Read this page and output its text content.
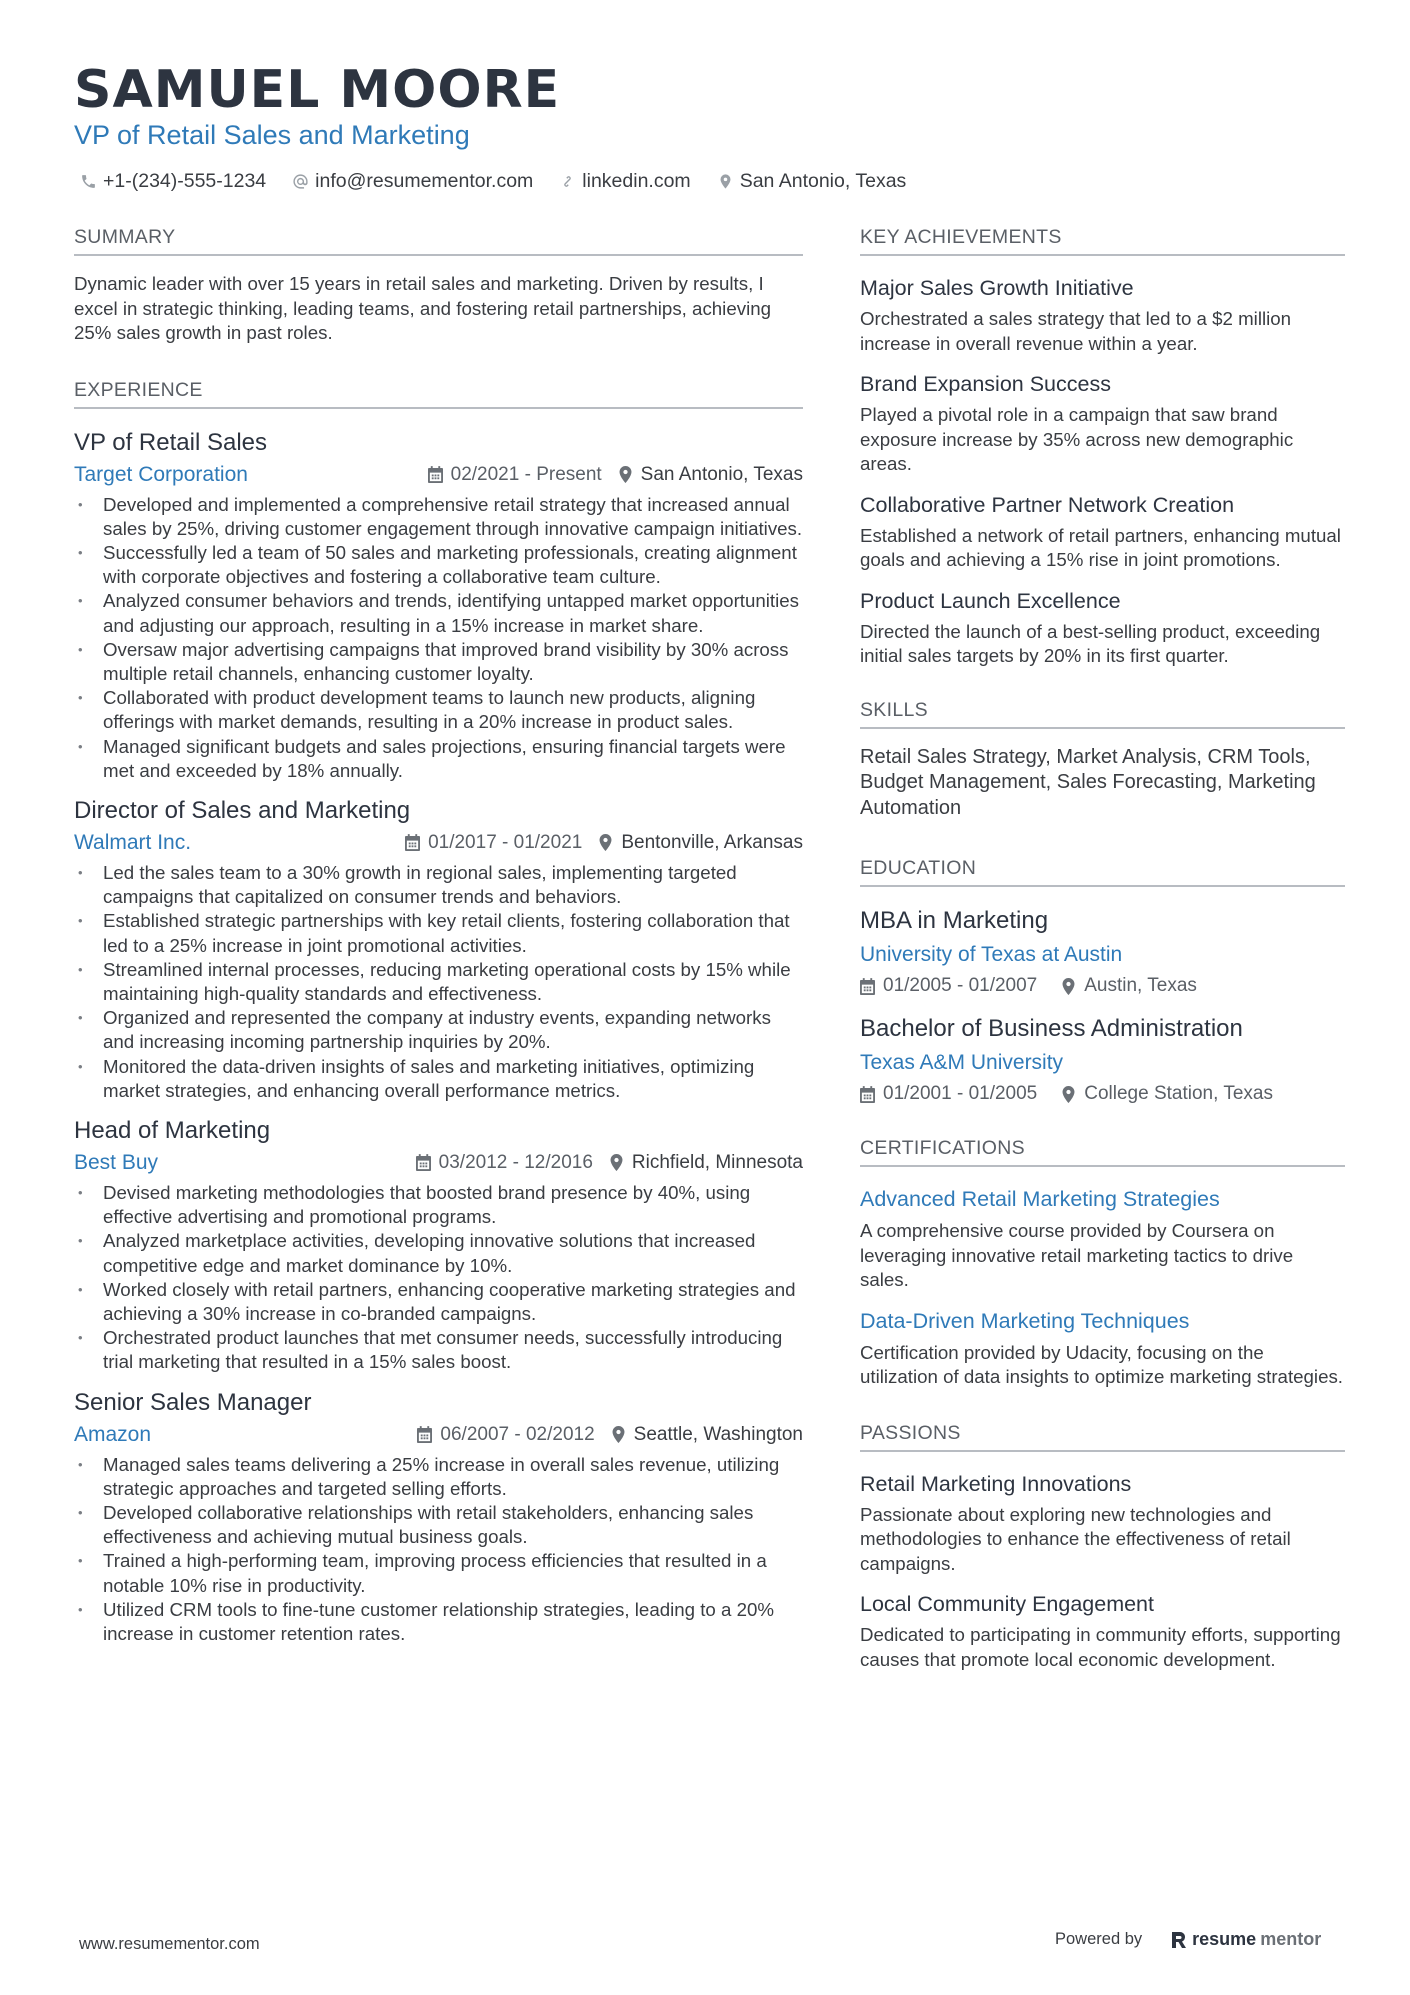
SAMUEL MOORE
VP of Retail Sales and Marketing
+1-(234)-555-1234	info@resumementor.com	linkedin.com	San Antonio, Texas
SUMMARY
Dynamic leader with over 15 years in retail sales and marketing. Driven by results, I excel in strategic thinking, leading teams, and fostering retail partnerships, achieving 25% sales growth in past roles.
EXPERIENCE
VP of Retail Sales
Target Corporation	02/2021 - Present San Antonio, Texas
• Developed and implemented a comprehensive retail strategy that increased annual sales by 25%, driving customer engagement through innovative campaign initiatives.
• Successfully led a team of 50 sales and marketing professionals, creating alignment with corporate objectives and fostering a collaborative team culture.
• Analyzed consumer behaviors and trends, identifying untapped market opportunities and adjusting our approach, resulting in a 15% increase in market share.
• Oversaw major advertising campaigns that improved brand visibility by 30% across multiple retail channels, enhancing customer loyalty.
• Collaborated with product development teams to launch new products, aligning offerings with market demands, resulting in a 20% increase in product sales.
• Managed significant budgets and sales projections, ensuring financial targets were met and exceeded by 18% annually.
Director of Sales and Marketing
Walmart Inc.	01/2017 - 01/2021 Bentonville, Arkansas
• Led the sales team to a 30% growth in regional sales, implementing targeted campaigns that capitalized on consumer trends and behaviors.
• Established strategic partnerships with key retail clients, fostering collaboration that led to a 25% increase in joint promotional activities.
• Streamlined internal processes, reducing marketing operational costs by 15% while maintaining high-quality standards and effectiveness.
• Organized and represented the company at industry events, expanding networks and increasing incoming partnership inquiries by 20%.
• Monitored the data-driven insights of sales and marketing initiatives, optimizing market strategies, and enhancing overall performance metrics.
Head of Marketing
Best Buy	03/2012 - 12/2016 Richfield, Minnesota
• Devised marketing methodologies that boosted brand presence by 40%, using effective advertising and promotional programs.
• Analyzed marketplace activities, developing innovative solutions that increased competitive edge and market dominance by 10%.
• Worked closely with retail partners, enhancing cooperative marketing strategies and achieving a 30% increase in co-branded campaigns.
• Orchestrated product launches that met consumer needs, successfully introducing trial marketing that resulted in a 15% sales boost.
Senior Sales Manager
Amazon	06/2007 - 02/2012 Seattle, Washington
• Managed sales teams delivering a 25% increase in overall sales revenue, utilizing strategic approaches and targeted selling efforts.
• Developed collaborative relationships with retail stakeholders, enhancing sales effectiveness and achieving mutual business goals.
• Trained a high-performing team, improving process efficiencies that resulted in a notable 10% rise in productivity.
• Utilized CRM tools to fine-tune customer relationship strategies, leading to a 20% increase in customer retention rates.
KEY ACHIEVEMENTS
Major Sales Growth Initiative
Orchestrated a sales strategy that led to a $2 million increase in overall revenue within a year.
Brand Expansion Success
Played a pivotal role in a campaign that saw brand exposure increase by 35% across new demographic areas.
Collaborative Partner Network Creation
Established a network of retail partners, enhancing mutual goals and achieving a 15% rise in joint promotions.
Product Launch Excellence
Directed the launch of a best-selling product, exceeding initial sales targets by 20% in its first quarter.
SKILLS
Retail Sales Strategy, Market Analysis, CRM Tools, Budget Management, Sales Forecasting, Marketing Automation
EDUCATION
MBA in Marketing
University of Texas at Austin
01/2005 - 01/2007 Austin, Texas
Bachelor of Business Administration
Texas A&M University
01/2001 - 01/2005 College Station, Texas
CERTIFICATIONS
Advanced Retail Marketing Strategies
A comprehensive course provided by Coursera on leveraging innovative retail marketing tactics to drive sales.
Data-Driven Marketing Techniques
Certification provided by Udacity, focusing on the utilization of data insights to optimize marketing strategies.
PASSIONS
Retail Marketing Innovations
Passionate about exploring new technologies and methodologies to enhance the effectiveness of retail campaigns.
Local Community Engagement
Dedicated to participating in community efforts, supporting causes that promote local economic development.
www.resumementor.com	Powered by	resume mentor
